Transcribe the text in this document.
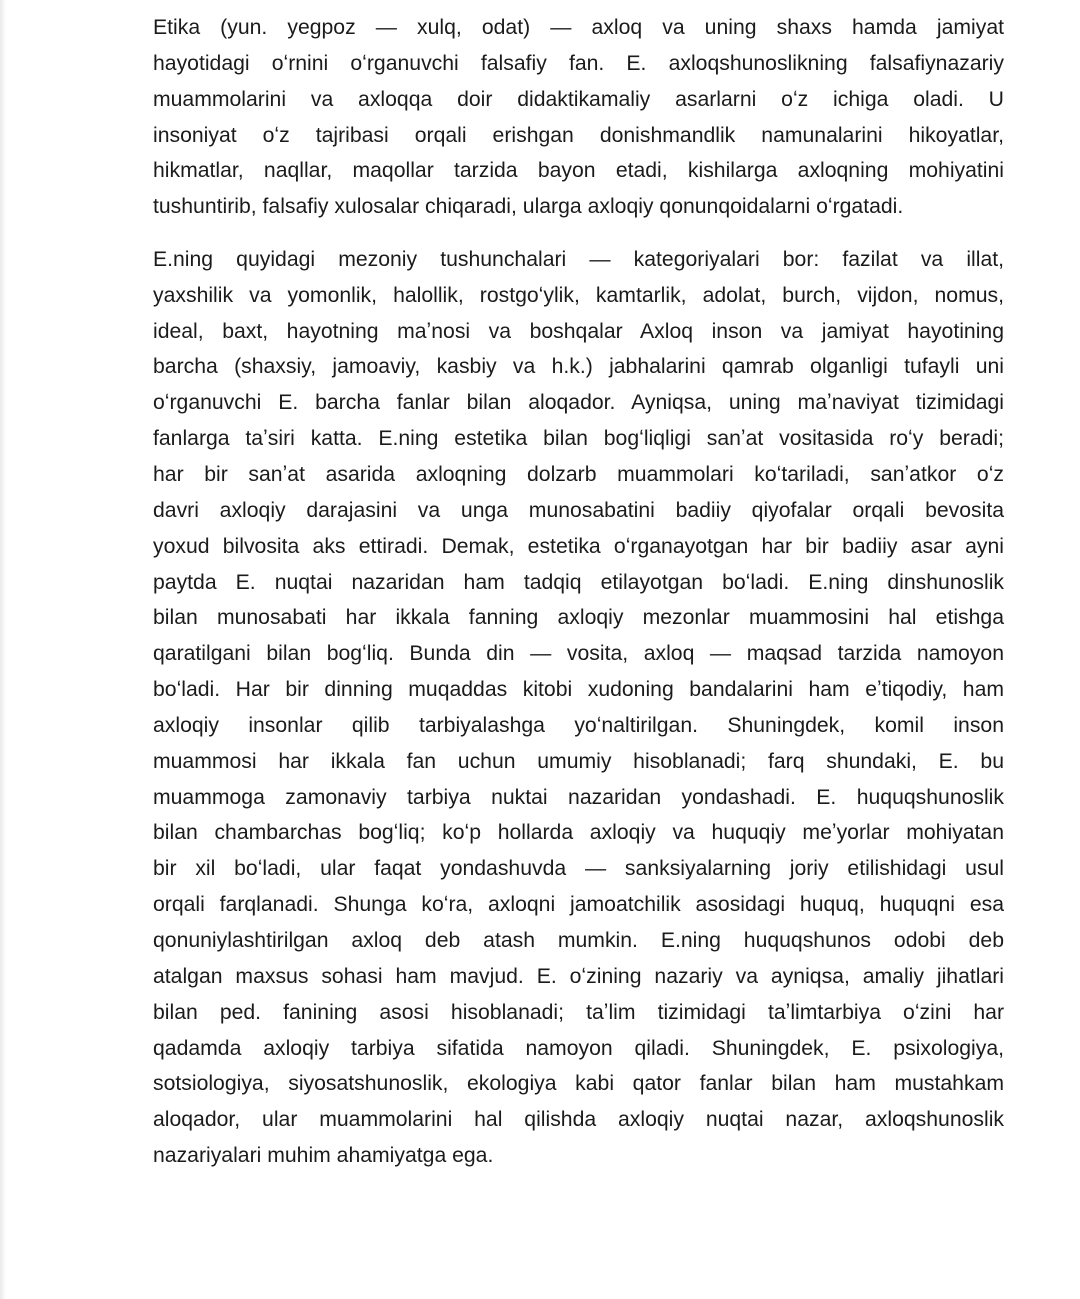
Etika (yun. yegpoz — xulq, odat) — axloq va uning shaxs hamda jamiyat
hayotidagi oʻrnini oʻrganuvchi falsafiy fan. E. axloqshunoslikning falsafiynazariy
muammolarini va axloqqa doir didaktikamaliy asarlarni oʻz ichiga oladi. U
insoniyat oʻz tajribasi orqali erishgan donishmandlik namunalarini hikoyatlar,
hikmatlar, naqllar, maqollar tarzida bayon etadi, kishilarga axloqning mohiyatini
tushuntirib, falsafiy xulosalar chiqaradi, ularga axloqiy qonunqoidalarni oʻrgatadi.

E.ning quyidagi mezoniy tushunchalari — kategoriyalari bor: fazilat va illat,
yaxshilik va yomonlik, halollik, rostgoʻylik, kamtarlik, adolat, burch, vijdon, nomus,
ideal, baxt, hayotning maʼnosi va boshqalar Axloq inson va jamiyat hayotining
barcha (shaxsiy, jamoaviy, kasbiy va h.k.) jabhalarini qamrab olganligi tufayli uni
oʻrganuvchi E. barcha fanlar bilan aloqador. Ayniqsa, uning maʼnaviyat tizimidagi
fanlarga taʼsiri katta. E.ning estetika bilan bogʻliqligi sanʼat vositasida roʻy beradi;
har bir sanʼat asarida axloqning dolzarb muammolari koʻtariladi, sanʼatkor oʻz
davri axloqiy darajasini va unga munosabatini badiiy qiyofalar orqali bevosita
yoxud bilvosita aks ettiradi. Demak, estetika oʻrganayotgan har bir badiiy asar ayni
paytda E. nuqtai nazaridan ham tadqiq etilayotgan boʻladi. E.ning dinshunoslik
bilan munosabati har ikkala fanning axloqiy mezonlar muammosini hal etishga
qaratilgani bilan bogʻliq. Bunda din — vosita, axloq — maqsad tarzida namoyon
boʻladi. Har bir dinning muqaddas kitobi xudoning bandalarini ham eʼtiqodiy, ham
axloqiy insonlar qilib tarbiyalashga yoʻnaltirilgan. Shuningdek, komil inson
muammosi har ikkala fan uchun umumiy hisoblanadi; farq shundaki, E. bu
muammoga zamonaviy tarbiya nuktai nazaridan yondashadi. E. huquqshunoslik
bilan chambarchas bogʻliq; koʻp hollarda axloqiy va huquqiy meʼyorlar mohiyatan
bir xil boʻladi, ular faqat yondashuvda — sanksiyalarning joriy etilishidagi usul
orqali farqlanadi. Shunga koʻra, axloqni jamoatchilik asosidagi huquq, huquqni esa
qonuniylashtirilgan axloq deb atash mumkin. E.ning huquqshunos odobi deb
atalgan maxsus sohasi ham mavjud. E. oʻzining nazariy va ayniqsa, amaliy jihatlari
bilan ped. fanining asosi hisoblanadi; taʼlim tizimidagi taʼlimtarbiya oʻzini har
qadamda axloqiy tarbiya sifatida namoyon qiladi. Shuningdek, E. psixologiya,
sotsiologiya, siyosatshunoslik, ekologiya kabi qator fanlar bilan ham mustahkam
aloqador, ular muammolarini hal qilishda axloqiy nuqtai nazar, axloqshunoslik
nazariyalari muhim ahamiyatga ega.
